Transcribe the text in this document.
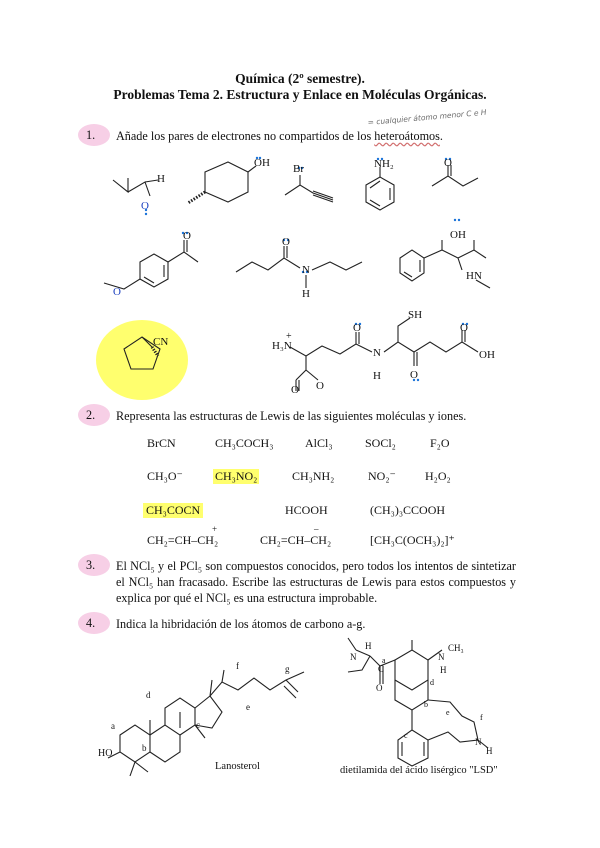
Química (2º semestre).
Problemas Tema 2. Estructura y Enlace en Moléculas Orgánicas.
= cualquier átomo menor C e H
1. Añade los pares de electrones no compartidos de los heteroátomos.
H
O
OH Br	NH₂	O
O
O	O
N
H
OH
HN
CN	+
H₃N
SH
O
O
N
H
O
O
O
OH
2. Representa las estructuras de Lewis de las siguientes moléculas y iones.
BrCN	CH₃COCH₃	AlCl₃	SOCl₂	F₂O
CH₃O⁻	CH₃NO₂	CH₃NH₂	NO₂⁻ H₂O₂
CH₃COCN	HCOOH	(CH₃)₃CCOOH
+	–
CH₂=CH–CH₂	CH₂=CH–CH₂	[CH₃C(OCH₃)₂]⁺
3. El NCl₅ y el PCl₅ son compuestos conocidos, pero todos los intentos de sintetizar el NCl₅ han fracasado. Escribe las estructuras de Lewis para estos compuestos y explica por qué el NCl₅ es una estructura improbable.
4. Indica la hibridación de los átomos de carbono a-g.
d
a
b
c
e
f	g
HO
Lanosterol
H
N	a
C
O
N
CH₃
H
d
b
e
f
c
N
H
dietilamida del ácido lisérgico "LSD"
